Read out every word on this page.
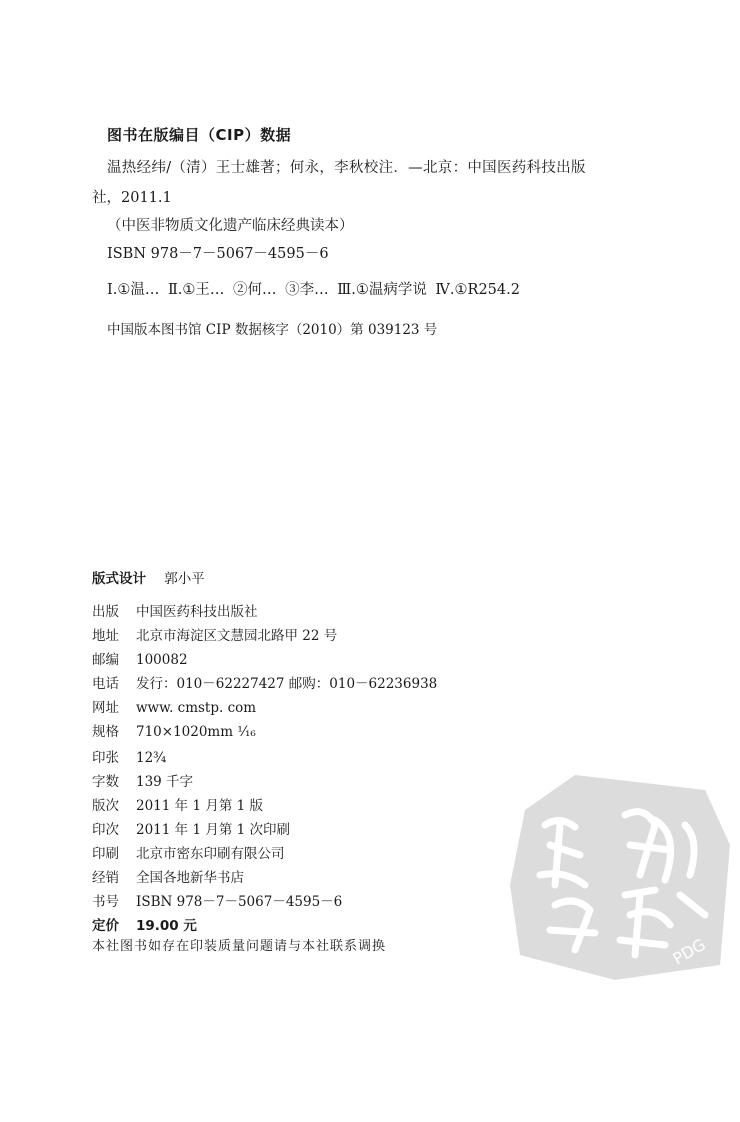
图书在版编目（CIP）数据
温热经纬/（清）王士雄著；何永，李秋校注．—北京：中国医药科技出版
社，2011.1
（中医非物质文化遗产临床经典读本）
ISBN 978－7－5067－4595－6
Ⅰ.①温… Ⅱ.①王… ②何… ③李… Ⅲ.①温病学说 Ⅳ.①R254.2
中国版本图书馆 CIP 数据核字（2010）第 039123 号
版式设计 郭小平
出版 中国医药科技出版社
地址 北京市海淀区文慧园北路甲 22 号
邮编 100082
电话 发行：010－62227427 邮购：010－62236938
网址 www. cmstp. com
规格 710×1020mm ¹⁄₁₆
印张 12¾
字数 139 千字
版次 2011 年 1 月第 1 版
印次 2011 年 1 月第 1 次印刷
印刷 北京市密东印刷有限公司
经销 全国各地新华书店
书号 ISBN 978－7－5067－4595－6
定价 19.00 元
本社图书如存在印装质量问题请与本社联系调换	PDG
